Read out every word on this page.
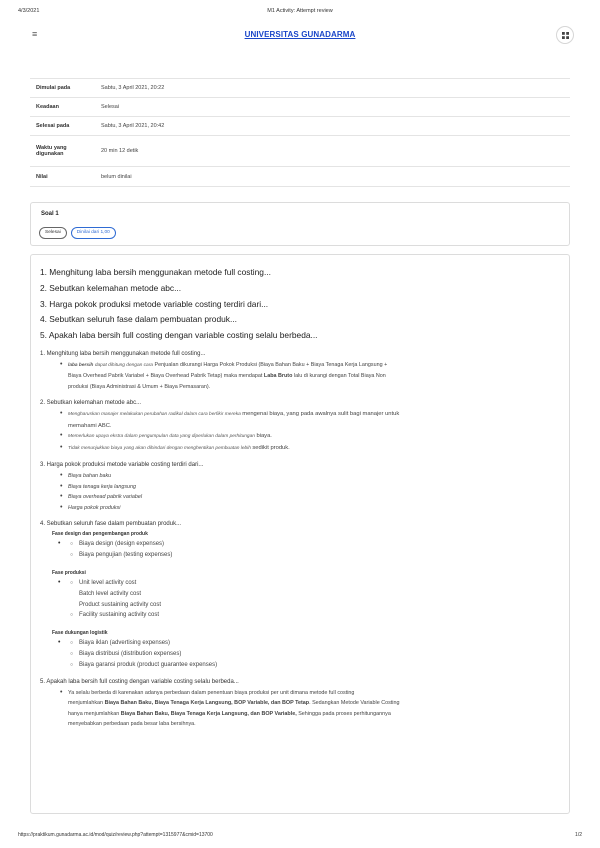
4/3/2021	M1 Activity: Attempt review
≡	UNIVERSITAS GUNADARMA
Dimulai pada	Sabtu, 3 April 2021, 20:22
Keadaan	Selesai
Selesai pada	Sabtu, 3 April 2021, 20:42
Waktu yang digunakan	20 min 12 detik
Nilai	belum dinilai
Soal 1
Selesai	Dinilai dari 1,00
1. Menghitung laba bersih menggunakan metode full costing...
2. Sebutkan kelemahan metode abc...
3. Harga pokok produksi metode variable costing terdiri dari...
4. Sebutkan seluruh fase dalam pembuatan produk...
5. Apakah laba bersih full costing dengan variable costing selalu berbeda...
1. Menghitung laba bersih menggunakan metode full costing...
• laba bersih dapat dihitung dengan cara Penjualan dikurangi Harga Pokok Produksi (Biaya Bahan Baku + Biaya Tenaga Kerja Langsung +
Biaya Overhead Pabrik Variabel + Biaya Overhead Pabrik Tetap) maka mendapat Laba Bruto lalu di kurangi dengan Total Biaya Non
produksi (Biaya Administrasi & Umum + Biaya Pemasaran).
2. Sebutkan kelemahan metode abc...
• Mengharuskan manajer melakukan perubahan radikal dalam cara berfikir mereka mengenai biaya, yang pada awalnya sulit bagi manajer untuk
memahami ABC.
• Memerlukan upaya ekstra dalam pengumpulan data yang diperlukan dalam perhitungan biaya.
• Tidak menunjukkan biaya yang akan dihindari dengan menghentikan pembuatan lebih sedikit produk.
3. Harga pokok produksi metode variable costing terdiri dari...
• Biaya bahan baku
• Biaya tenaga kerja langsung
• Biaya overhead pabrik variabel
• Harga pokok produksi
4. Sebutkan seluruh fase dalam pembuatan produk...
Fase design dan pengembangan produk
•	○ Biaya design (design expenses)
○ Biaya pengujian (testing expenses)
Fase produksi
•	○ Unit level activity cost
Batch level activity cost
Product sustaining activity cost
○ Facility sustaining activity cost
Fase dukungan logistik
•	○ Biaya iklan (advertising expenses)
○ Biaya distribusi (distribution expenses)
○ Biaya garansi produk (product guarantee expenses)
5. Apakah laba bersih full costing dengan variable costing selalu berbeda...
• Ya selalu berbeda di karenakan adanya perbedaan dalam penentuan biaya produksi per unit dimana metode full costing
menjumlahkan Biaya Bahan Baku, Biaya Tenaga Kerja Langsung, BOP Variable, dan BOP Tetap. Sedangkan Metode Variable Costing
hanya menjumlahkan Biaya Bahan Baku, Biaya Tenaga Kerja Langsung, dan BOP Variable, Sehingga pada proses perhitungannya
menyebabkan perbedaan pada besar laba bersihnya.
https://praktikum.gunadarma.ac.id/mod/quiz/review.php?attempt=1315977&cmid=13700	1/2
